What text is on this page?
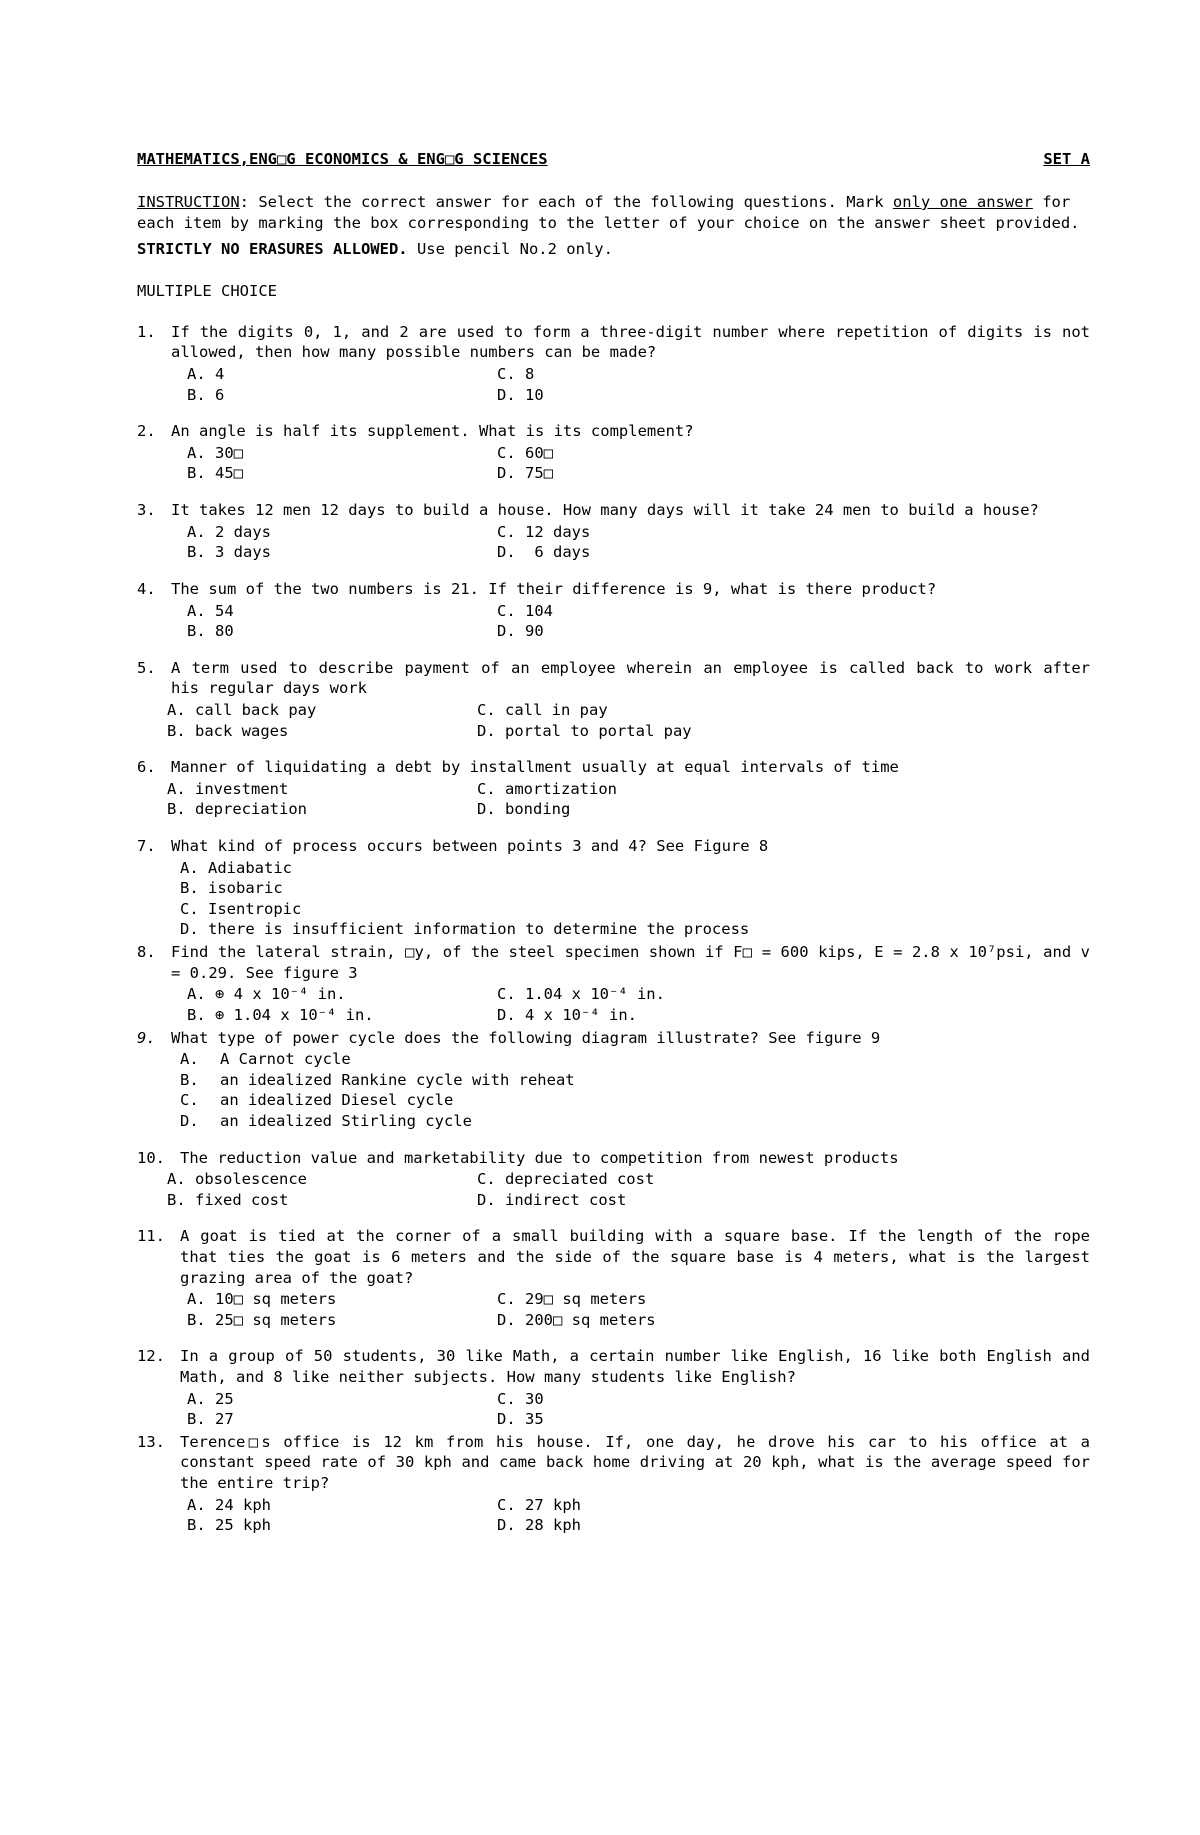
MATHEMATICS,ENG□G ECONOMICS & ENG□G SCIENCES	SET A
INSTRUCTION: Select the correct answer for each of the following questions. Mark only one answer for each item by marking the box corresponding to the letter of your choice on the answer sheet provided.
STRICTLY NO ERASURES ALLOWED. Use pencil No.2 only.
MULTIPLE CHOICE
1. If the digits 0, 1, and 2 are used to form a three-digit number where repetition of digits is not allowed, then how many possible numbers can be made?
A. 4	C. 8
B. 6	D. 10
2. An angle is half its supplement. What is its complement?
A. 30□	C. 60□
B. 45□	D. 75□
3. It takes 12 men 12 days to build a house. How many days will it take 24 men to build a house?
A. 2 days	C. 12 days
B. 3 days	D.  6 days
4. The sum of the two numbers is 21. If their difference is 9, what is there product?
A. 54	C. 104
B. 80	D. 90
5. A term used to describe payment of an employee wherein an employee is called back to work after his regular days work
A. call back pay	C. call in pay
B. back wages	D. portal to portal pay
6. Manner of liquidating a debt by installment usually at equal intervals of time
A. investment	C. amortization
B. depreciation	D. bonding
7. What kind of process occurs between points 3 and 4? See Figure 8
A. Adiabatic
B. isobaric
C. Isentropic
D. there is insufficient information to determine the process
8. Find the lateral strain, □y, of the steel specimen shown if F□ = 600 kips, E = 2.8 x 10⁷psi, and v = 0.29. See figure 3
A. ⊕ 4 x 10⁻⁴ in.	C. 1.04 x 10⁻⁴ in.
B. ⊕ 1.04 x 10⁻⁴ in.	D. 4 x 10⁻⁴ in.
9. What type of power cycle does the following diagram illustrate? See figure 9
A. A Carnot cycle
B. an idealized Rankine cycle with reheat
C. an idealized Diesel cycle
D. an idealized Stirling cycle
10. The reduction value and marketability due to competition from newest products
A. obsolescence	C. depreciated cost
B. fixed cost	D. indirect cost
11. A goat is tied at the corner of a small building with a square base. If the length of the rope that ties the goat is 6 meters and the side of the square base is 4 meters, what is the largest grazing area of the goat?
A. 10□ sq meters	C. 29□ sq meters
B. 25□ sq meters	D. 200□ sq meters
12. In a group of 50 students, 30 like Math, a certain number like English, 16 like both English and Math, and 8 like neither subjects. How many students like English?
A. 25	C. 30
B. 27	D. 35
13. Terence□s office is 12 km from his house. If, one day, he drove his car to his office at a constant speed rate of 30 kph and came back home driving at 20 kph, what is the average speed for the entire trip?
A. 24 kph	C. 27 kph
B. 25 kph	D. 28 kph
